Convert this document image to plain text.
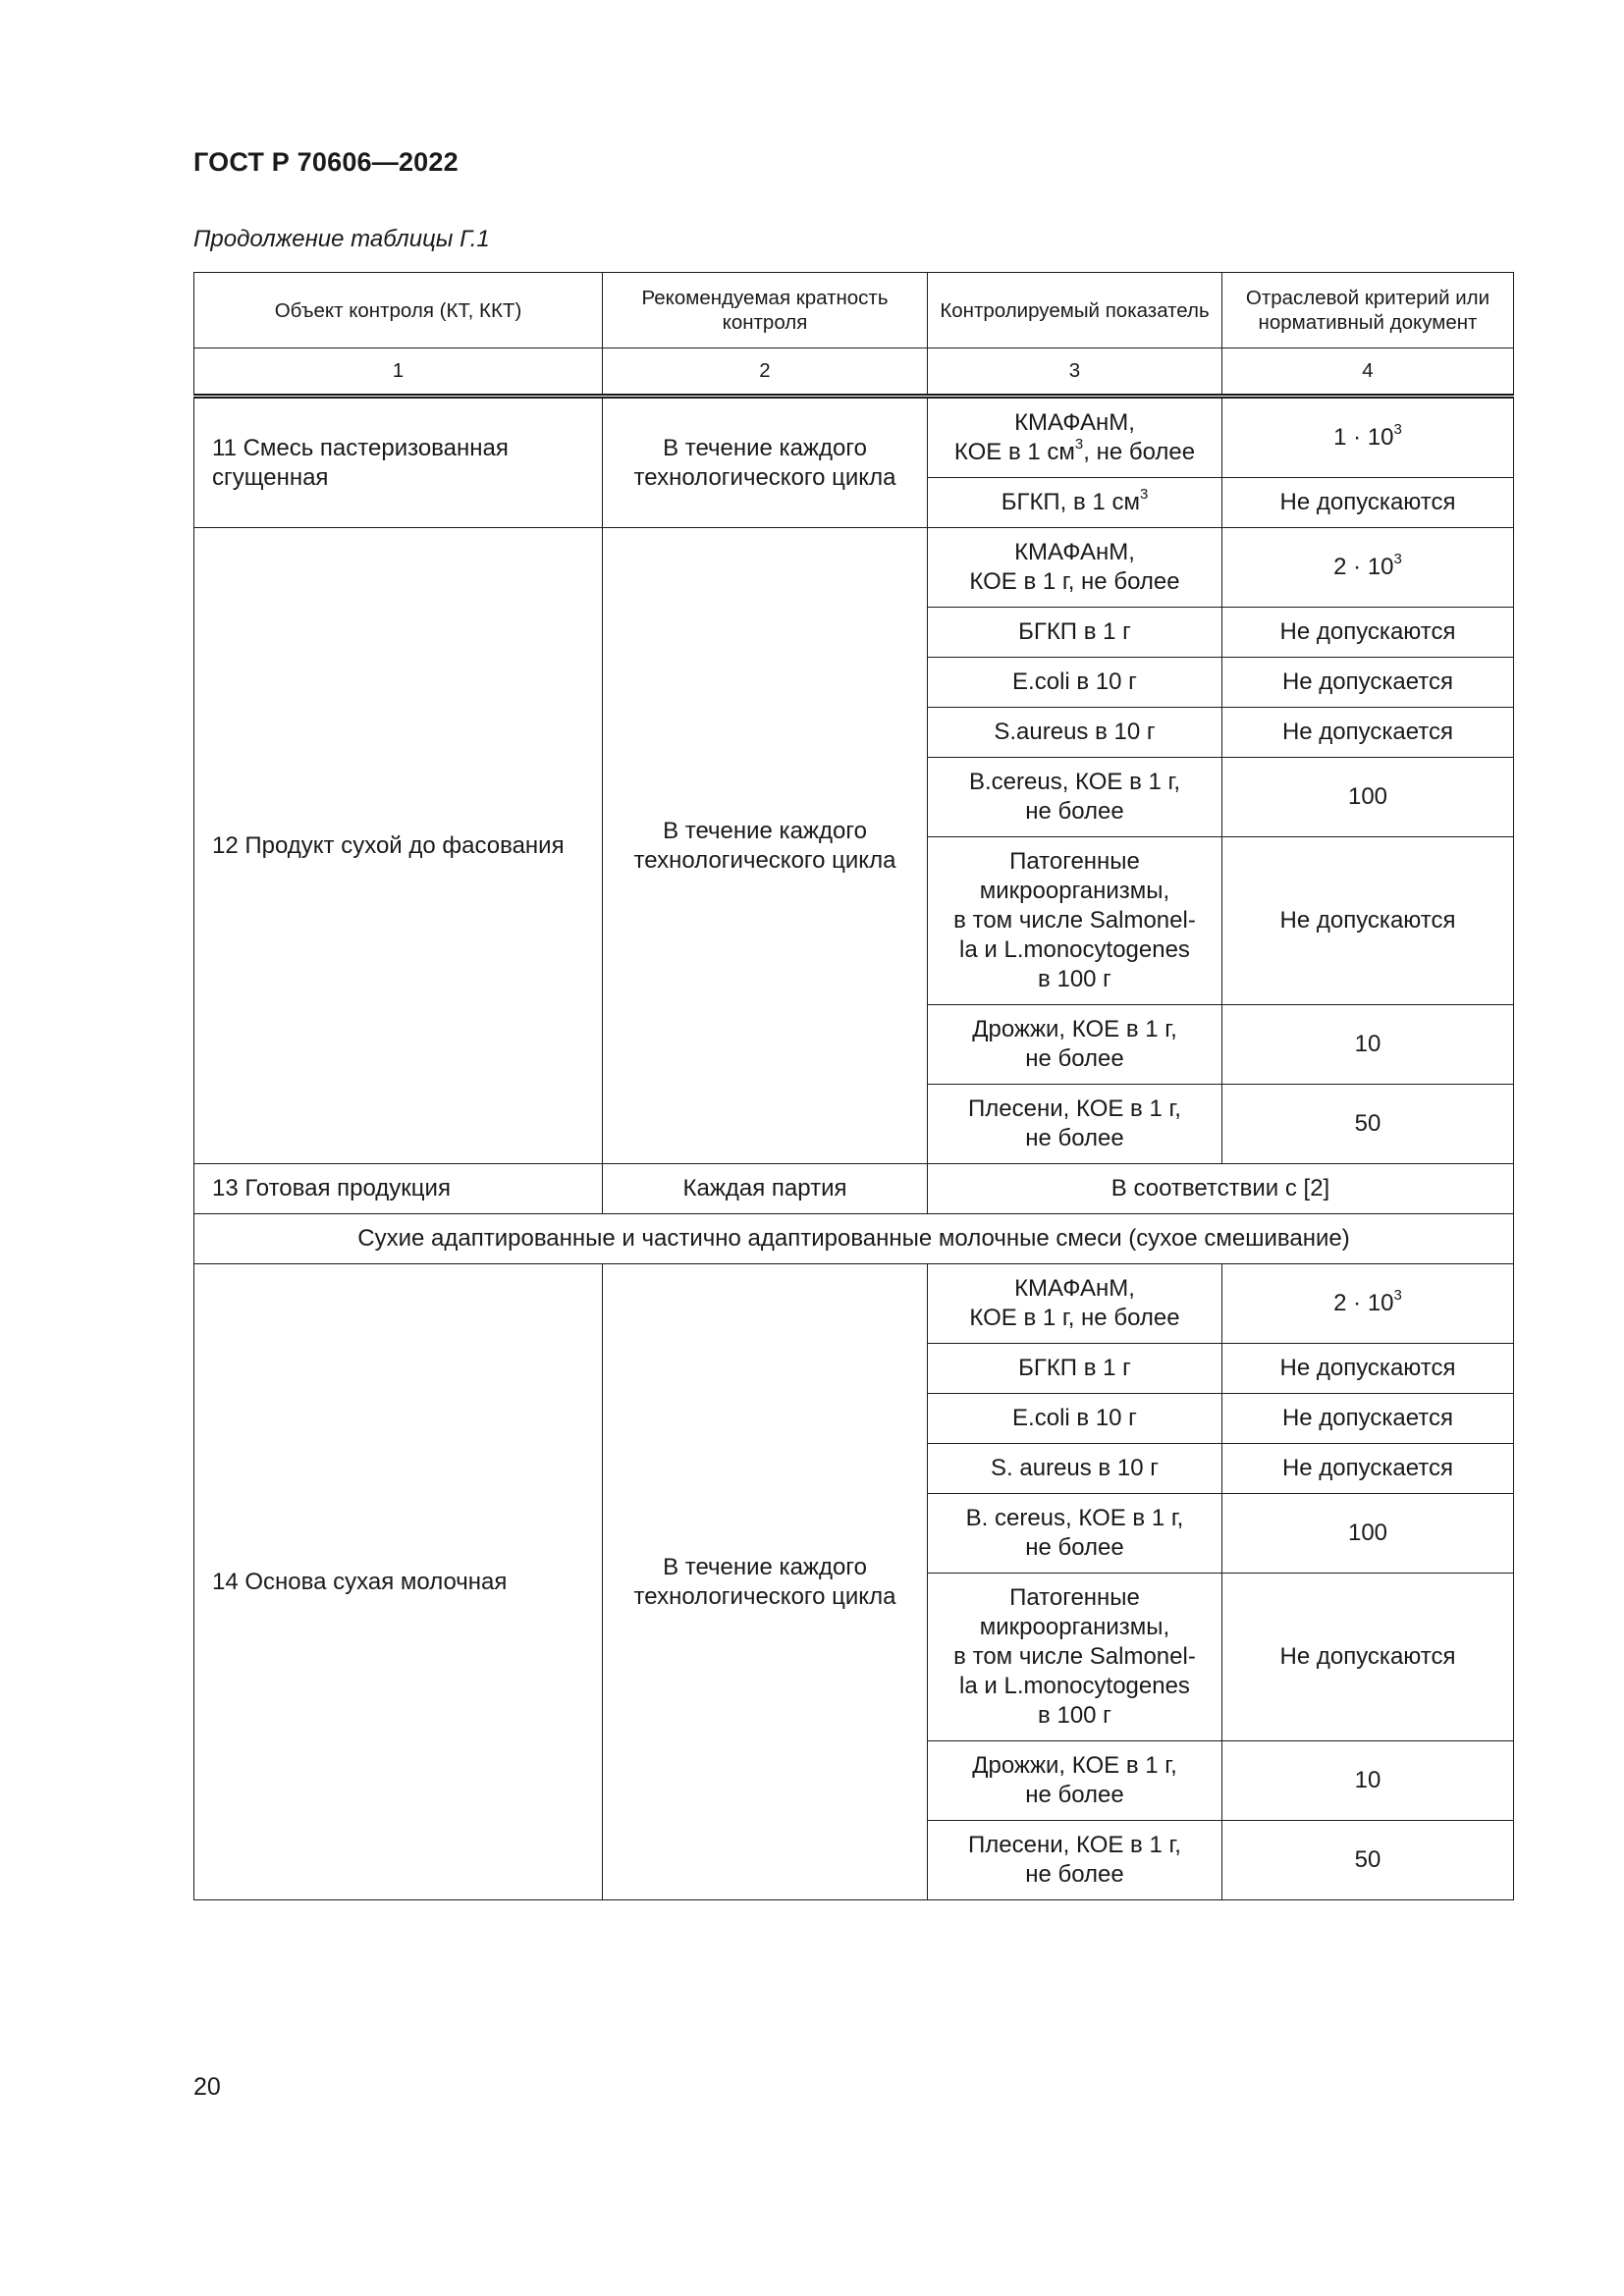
ГОСТ Р 70606—2022
Продолжение таблицы Г.1
Объект контроля (КТ, ККТ)	Рекомендуемая кратность контроля	Контролируемый показатель	Отраслевой критерий или нормативный документ
1	2	3	4
11 Смесь пастеризованная сгущенная	В течение каждого технологического цикла	КМАФАнМ,
КОЕ в 1 $см^3$, не более	$1 \cdot 10^3$
		БГКП, в 1 $см^3$	Не допускаются
12 Продукт сухой до фасования	В течение каждого технологического цикла	КМАФАнМ,
КОЕ в 1 г, не более	$2 \cdot 10^3$
		БГКП в 1 г	Не допускаются
		E.coli в 10 г	Не допускается
		S.aureus в 10 г	Не допускается
		B.cereus, КОЕ в 1 г,
не более	100
		Патогенные
микроорганизмы,
в том числе Salmonel-
la и L.monocytogenes
в 100 г	Не допускаются
		Дрожжи, КОЕ в 1 г,
не более	10
		Плесени, КОЕ в 1 г,
не более	50
13 Готовая продукция	Каждая партия	В соответствии с [2]	
Сухие адаптированные и частично адаптированные молочные смеси (сухое смешивание)			
14 Основа сухая молочная	В течение каждого технологического цикла	КМАФАнМ,
КОЕ в 1 г, не более	$2 \cdot 10^3$
		БГКП в 1 г	Не допускаются
		E.coli в 10 г	Не допускается
		S. aureus в 10 г	Не допускается
		B. cereus, КОЕ в 1 г,
не более	100
		Патогенные
микроорганизмы,
в том числе Salmonel-
la и L.monocytogenes
в 100 г	Не допускаются
		Дрожжи, КОЕ в 1 г,
не более	10
		Плесени, КОЕ в 1 г,
не более	50
20
